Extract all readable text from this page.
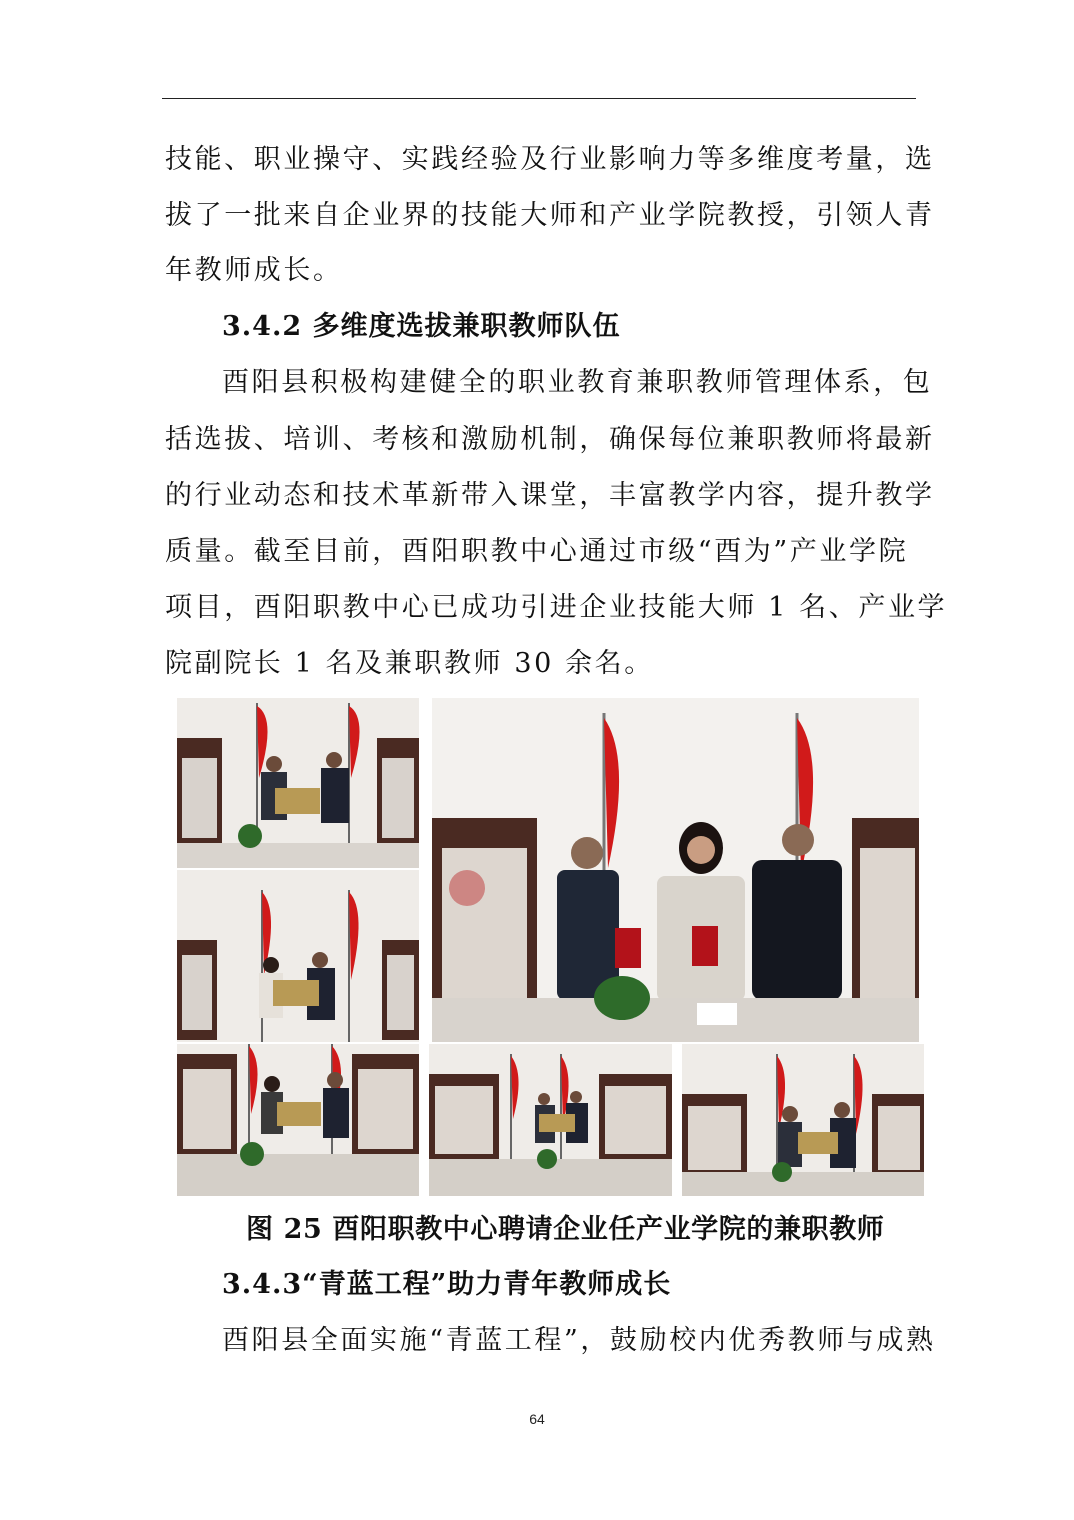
技能、职业操守、实践经验及行业影响力等多维度考量，选
拔了一批来自企业界的技能大师和产业学院教授，引领人青
年教师成长。
3.4.2 多维度选拔兼职教师队伍
酉阳县积极构建健全的职业教育兼职教师管理体系，包
括选拔、培训、考核和激励机制，确保每位兼职教师将最新
的行业动态和技术革新带入课堂，丰富教学内容，提升教学
质量。截至目前，酉阳职教中心通过市级“酉为”产业学院
项目，酉阳职教中心已成功引进企业技能大师 1 名、产业学
院副院长 1 名及兼职教师 30 余名。
图 25 酉阳职教中心聘请企业任产业学院的兼职教师
3.4.3“青蓝工程”助力青年教师成长
酉阳县全面实施“青蓝工程”，鼓励校内优秀教师与成熟
64
